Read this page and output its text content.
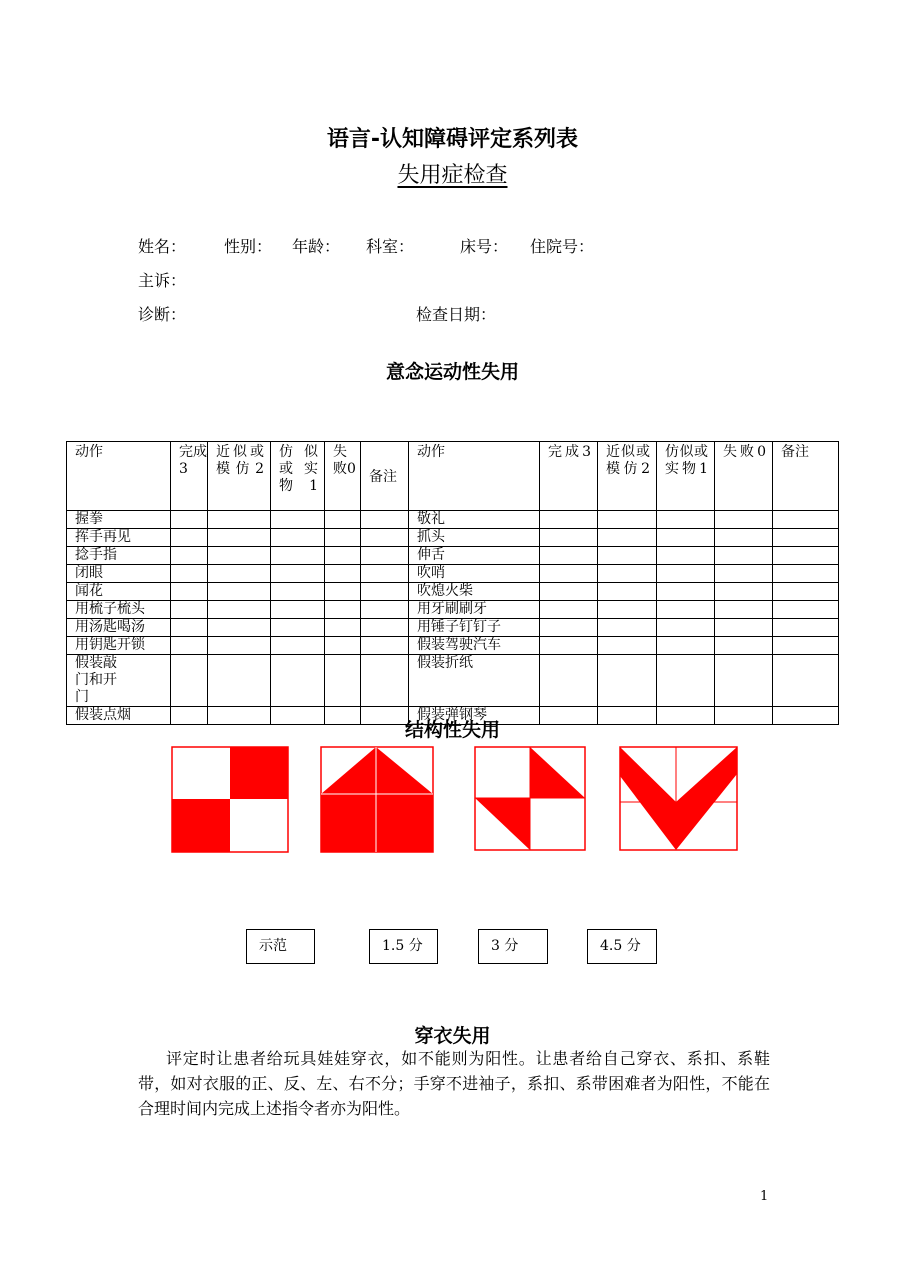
语言-认知障碍评定系列表
失用症检查
姓名： 性别： 年龄： 科室：	床号： 住院号：
主诉：
诊断：	检查日期：
意念运动性失用
动作	完成3	近似或模仿2	仿似或实物1	失败0	备注	动作	完成3	近似或模仿2	仿似或实物1	失败0	备注
握拳						敬礼					
挥手再见						抓头					
捻手指						伸舌					
闭眼						吹哨					
闻花						吹熄火柴					
用梳子梳头						用牙刷刷牙					
用汤匙喝汤						用锤子钉钉子					
用钥匙开锁						假装驾驶汽车					
假装敲门和开门						假装折纸					
假装点烟						假装弹钢琴					
结构性失用
示范	1.5 分	3 分	4.5 分
穿衣失用
评定时让患者给玩具娃娃穿衣，如不能则为阳性。让患者给自己穿衣、系扣、系鞋带，如对衣服的正、反、左、右不分；手穿不进袖子，系扣、系带困难者为阳性，不能在合理时间内完成上述指令者亦为阳性。
1
